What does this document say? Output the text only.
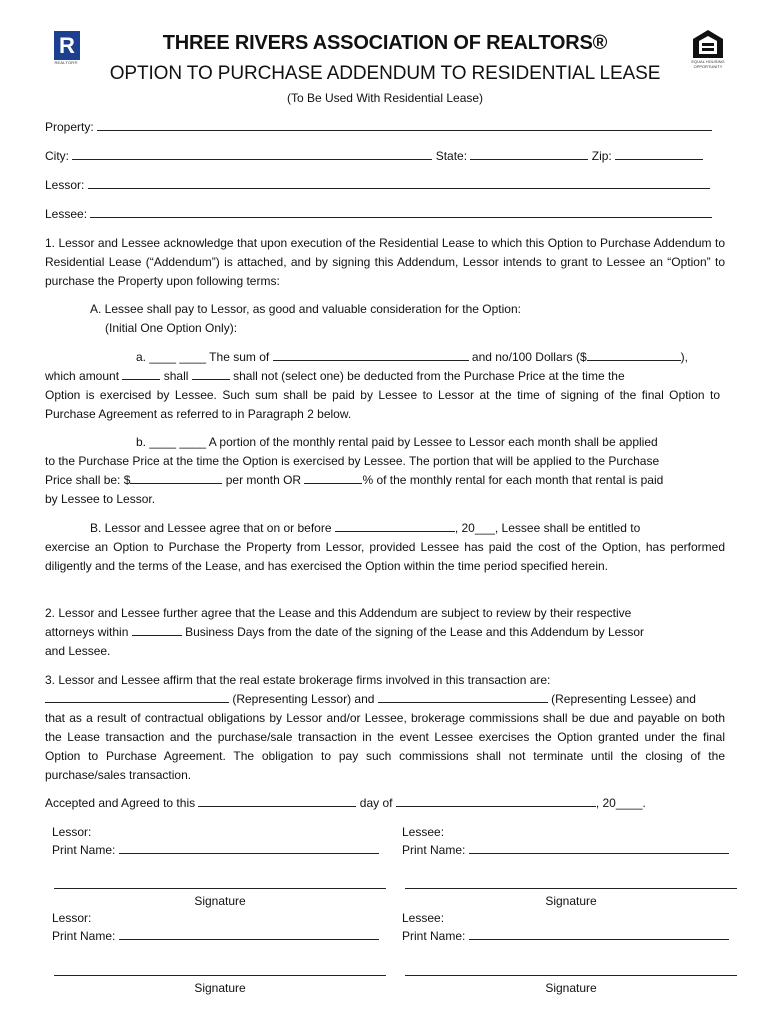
R
REALTOR®	EQUAL HOUSING OPPORTUNITY
THREE RIVERS ASSOCIATION OF REALTORS®
OPTION TO PURCHASE ADDENDUM TO RESIDENTIAL LEASE
(To Be Used With Residential Lease)
Property:
City:	State:	Zip:
Lessor:
Lessee:
1. Lessor and Lessee acknowledge that upon execution of the Residential Lease to which this Option to Purchase Addendum to Residential Lease (“Addendum”) is attached, and by signing this Addendum, Lessor intends to grant to Lessee an “Option” to purchase the Property upon following terms:
A. Lessee shall pay to Lessor, as good and valuable consideration for the Option:
(Initial One Option Only):
a. ____ ____ The sum of	and no/100 Dollars ($	),
which amount	shall	shall not (select one) be deducted from the Purchase Price at the time the
Option is exercised by Lessee. Such sum shall be paid by Lessee to Lessor at the time of signing of the final Option to Purchase Agreement as referred to in Paragraph 2 below.
b. ____ ____ A portion of the monthly rental paid by Lessee to Lessor each month shall be applied
to the Purchase Price at the time the Option is exercised by Lessee. The portion that will be applied to the Purchase
Price shall be: $	per month OR	% of the monthly rental for each month that rental is paid
by Lessee to Lessor.
B. Lessor and Lessee agree that on or before	, 20___, Lessee shall be entitled to
exercise an Option to Purchase the Property from Lessor, provided Lessee has paid the cost of the Option, has performed diligently and the terms of the Lease, and has exercised the Option within the time period specified herein.
2. Lessor and Lessee further agree that the Lease and this Addendum are subject to review by their respective
attorneys within	Business Days from the date of the signing of the Lease and this Addendum by Lessor
and Lessee.
3. Lessor and Lessee affirm that the real estate brokerage firms involved in this transaction are:
(Representing Lessor) and	(Representing Lessee) and
that as a result of contractual obligations by Lessor and/or Lessee, brokerage commissions shall be due and payable on both the Lease transaction and the purchase/sale transaction in the event Lessee exercises the Option granted under the final Option to Purchase Agreement. The obligation to pay such commissions shall not terminate until the closing of the purchase/sales transaction.
Accepted and Agreed to this	day of	, 20____.
Lessor:
Print Name:
Lessee:
Print Name:
Signature	Signature
Lessor:
Print Name:
Lessee:
Print Name:
Signature	Signature
